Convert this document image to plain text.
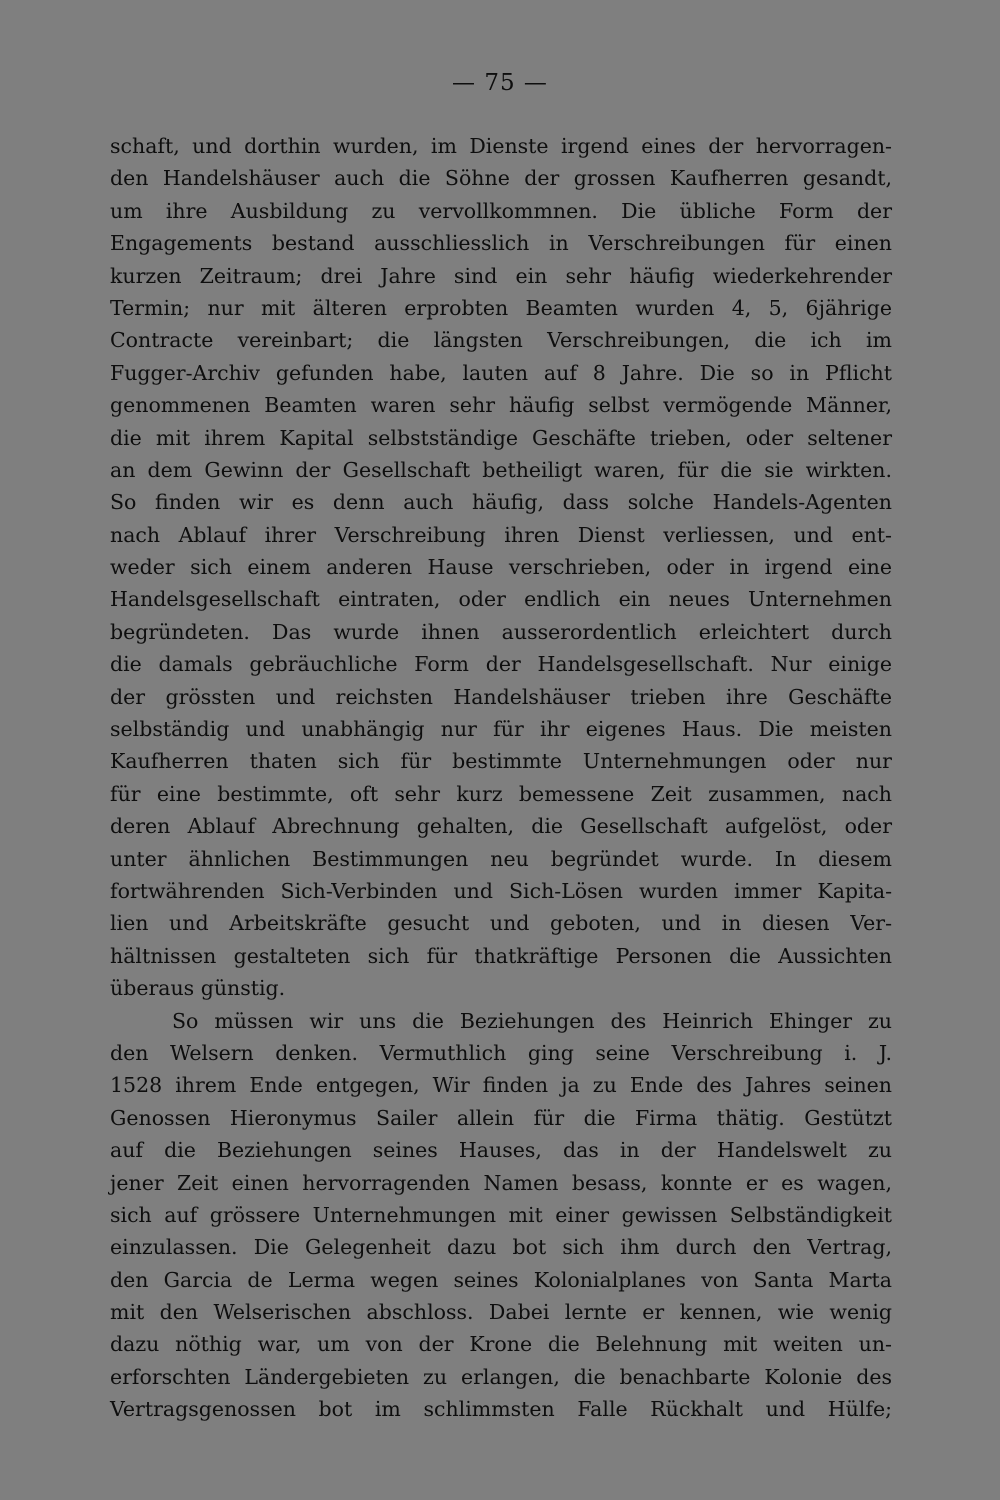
— 75 —
schaft, und dorthin wurden, im Dienste irgend eines der hervorragen-
den Handelshäuser auch die Söhne der grossen Kaufherren gesandt,
um ihre Ausbildung zu vervollkommnen. Die übliche Form der
Engagements bestand ausschliesslich in Verschreibungen für einen
kurzen Zeitraum; drei Jahre sind ein sehr häufig wiederkehrender
Termin; nur mit älteren erprobten Beamten wurden 4, 5, 6jährige
Contracte vereinbart; die längsten Verschreibungen, die ich im
Fugger-Archiv gefunden habe, lauten auf 8 Jahre. Die so in Pflicht
genommenen Beamten waren sehr häufig selbst vermögende Männer,
die mit ihrem Kapital selbstständige Geschäfte trieben, oder seltener
an dem Gewinn der Gesellschaft betheiligt waren, für die sie wirkten.
So finden wir es denn auch häufig, dass solche Handels-Agenten
nach Ablauf ihrer Verschreibung ihren Dienst verliessen, und ent-
weder sich einem anderen Hause verschrieben, oder in irgend eine
Handelsgesellschaft eintraten, oder endlich ein neues Unternehmen
begründeten. Das wurde ihnen ausserordentlich erleichtert durch
die damals gebräuchliche Form der Handelsgesellschaft. Nur einige
der grössten und reichsten Handelshäuser trieben ihre Geschäfte
selbständig und unabhängig nur für ihr eigenes Haus. Die meisten
Kaufherren thaten sich für bestimmte Unternehmungen oder nur
für eine bestimmte, oft sehr kurz bemessene Zeit zusammen, nach
deren Ablauf Abrechnung gehalten, die Gesellschaft aufgelöst, oder
unter ähnlichen Bestimmungen neu begründet wurde. In diesem
fortwährenden Sich-Verbinden und Sich-Lösen wurden immer Kapita-
lien und Arbeitskräfte gesucht und geboten, und in diesen Ver-
hältnissen gestalteten sich für thatkräftige Personen die Aussichten
überaus günstig.
So müssen wir uns die Beziehungen des Heinrich Ehinger zu
den Welsern denken. Vermuthlich ging seine Verschreibung i. J.
1528 ihrem Ende entgegen, Wir finden ja zu Ende des Jahres seinen
Genossen Hieronymus Sailer allein für die Firma thätig. Gestützt
auf die Beziehungen seines Hauses, das in der Handelswelt zu
jener Zeit einen hervorragenden Namen besass, konnte er es wagen,
sich auf grössere Unternehmungen mit einer gewissen Selbständigkeit
einzulassen. Die Gelegenheit dazu bot sich ihm durch den Vertrag,
den Garcia de Lerma wegen seines Kolonialplanes von Santa Marta
mit den Welserischen abschloss. Dabei lernte er kennen, wie wenig
dazu nöthig war, um von der Krone die Belehnung mit weiten un-
erforschten Ländergebieten zu erlangen, die benachbarte Kolonie des
Vertragsgenossen bot im schlimmsten Falle Rückhalt und Hülfe;
